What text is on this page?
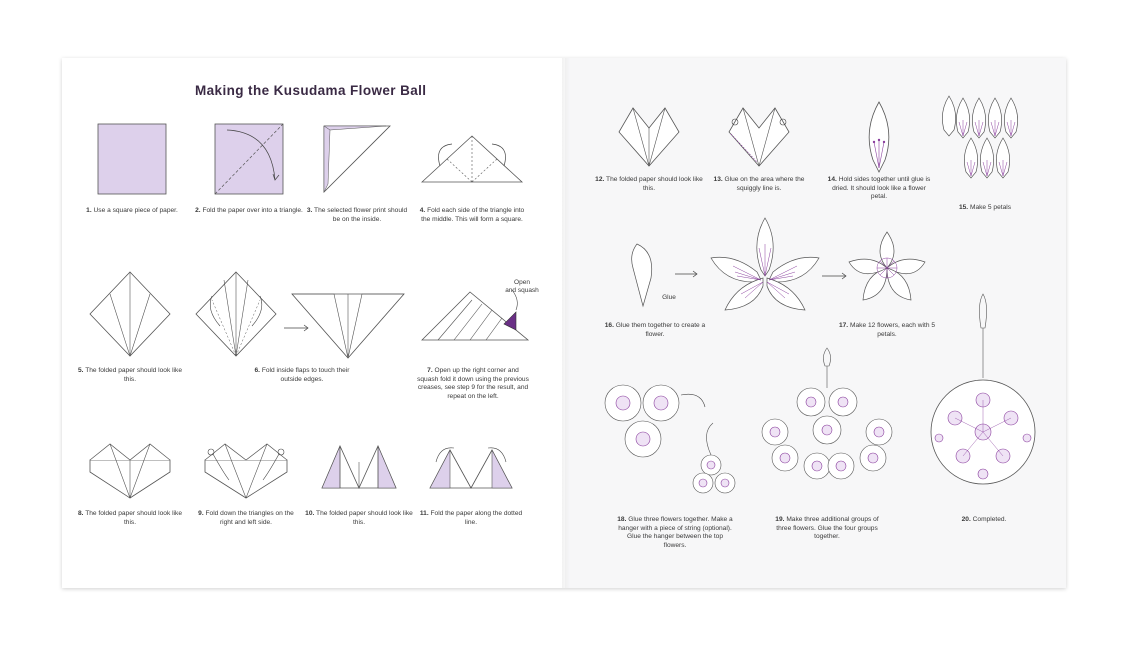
Making the Kusudama Flower Ball
1. Use a square piece of paper.	2. Fold the paper over into a triangle. 3. The selected flower print should be on the inside.
4. Fold each side of the triangle into the middle. This will form a square.
Open
and squash
5. The folded paper should look like this.
6. Fold inside flaps to touch their outside edges.
7. Open up the right corner and squash fold it down using the previous creases, see step 9 for the result, and repeat on the left.
8. The folded paper should look like this.
9. Fold down the triangles on the right and left side.
10. The folded paper should look like this.
11. Fold the paper along the dotted line.
12. The folded paper should look like this.
13. Glue on the area where the squiggly line is.
14. Hold sides together until glue is dried. It should look like a flower petal.
15. Make 5 petals
Glue
16. Glue them together to create a flower.
17. Make 12 flowers, each with 5 petals.
18. Glue three flowers together. Make a hanger with a piece of string (optional). Glue the hanger between the top flowers.
19. Make three additional groups of three flowers. Glue the four groups together.
20. Completed.
